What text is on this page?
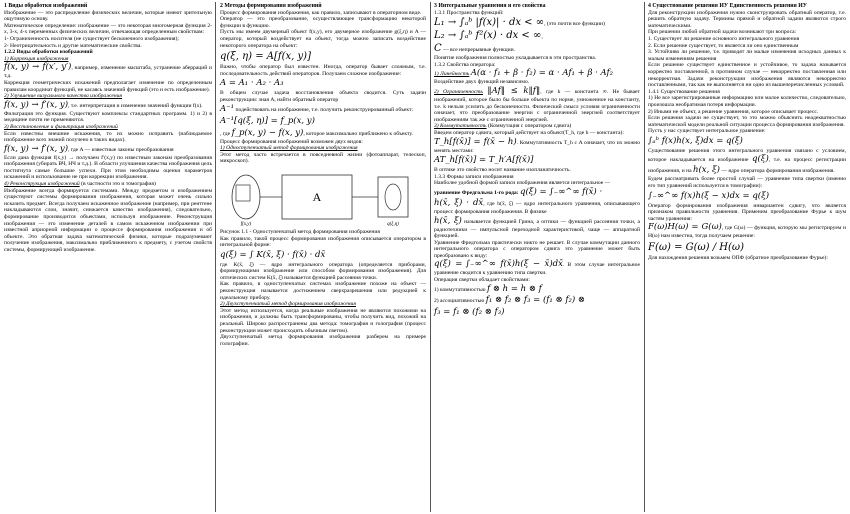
1 Виды обработки изображений

Изображение — это распределение физических величин, которые имеют зрительную ощутимую основу.

Математическое определение: изображение — это некоторая многомерная функция 2-х, 3-х, 4-х переменных физических величин, отвечающая определенным свойствам:

1- Ограниченность носителя (не существует бесконечного изображения);

2- Неотрицательность и другие математические свойства.

1.2.2 Виды обработки изображений
1) Коррекция изображения

f(x, y) → f(x′, y′), например, изменение масштаба, устранение аберраций и т.д.

Коррекция геометрических искажений предполагает изменение по определенным правилам координат функций, не касаясь значений функций (это и есть изображение).

2) Улучшение визуального качества изображения

f(x, y) → f′(x, y), т.е. интерпретация и изменение значений функции f(x).

Фильтрация это функция. Существуют комплексы стандартных программ. 1) и 2) в медицине почти не применяются.

3) Восстановление и фильтрация изображений

Если известны внешние искажения, то их можно исправить (наблюдаемое изображение всех знаний получено в таких видах).

f(x, y) → f′(x, y), где A — известные законы преобразования

Если дана функция f(x,y) → получаем f′(x,y) по известным законам преобразования изображения (убирать ВЧ, НЧ и т.д.). В области улучшения качества изображения цель постигнута самые большие успехи. При этом необходимы оценки параметров искажений и использование не при коррекции изображения.

4) Реконструкция изображений (в частности это и томография)

Изображение всегда формируется системами. Между предметом и изображением существуют системы формирования изображения, которая может очень сильно исказить предмет. Всегда получаем искаженное изображение (например, при рентгене накладываются слои, значит, снижается качество изображения), следовательно, формирование производится объектами, используя изображение. Реконструкция изображения — это изменение деталей в самом искаженном изображении при известной априорной информации о процессе формирования изображения и об объекте. Это обратная задача математической физики, которые подразумевают получение изображения, максимально приближенного к предмету, с учетом свойств системы, формирующей изображение.

2 Методы формирования изображений

Процесс формирования изображения, как правило, записывают в операторном виде.

Оператор — это преобразование, осуществляющее трансформацию некоторой функции в функцию.

Пусть мы имеем двумерный объект f(x,y), его двумерное изображение g(ξ,η) и A — оператор, который воздействует на объект, тогда можно записать воздействие некоторого оператора на объект:

q(ξ, η) = A[f(x, y)]

Важно, чтобы оператор был известен. Иногда, оператор бывает сложным, т.е. последовательность действий операторов. Получаем сложное изображение:

A = A₁ · A₂ · A₃

В общем случае задача восстановления объекта сводится. Суть задачи реконструкции: зная A, найти обратный оператор

A⁻¹ подействовать на изображение, т.е. получить реконструированный объект:

A⁻¹[q(ξ, η)] = f_p(x, y)

, где f_p(x, y) − f(x, y), которое максимально приближено к объекту.

Процесс формирования изображений возможен двух видов:

1) Одноступенчатый метод формирования изображения

Этот метод часто встречается в повседневной жизни (фотоаппарат, телескоп, микроскоп).

A
f(x,y)	q(ξ,η)

Рисунок 1.1 - Одноступенчатый метод формирования изображения

Как правило, такой процесс формирования изображения описывается оператором в интегральной форме:

q(ξ̄) = ∫ K(x̄, ξ̄) · f(x̄) · dx̄

где K(x̄, ξ̄) — ядро интегрального оператора (определяется приборами, формирующими изображение или способом формирования изображения). Для оптических систем K(x̄, ξ̄) называется функцией рассеяния точки.

Как правило, в одноступенчатых системах изображение похоже на объект — реконструкция называется достижением сверхразрешения или редукцией к идеальному прибору.

2) Двухступенчатый метод формирования изображения

Этот метод используется, когда реальные изображения не являются похожими на изображения, и должны быть трансформированы, чтобы получить вид, похожий на реальный. Широко распространены два метода: томография и голография (процесс реконструкции может происходить обычным светом).

Двухступенчатый метод формирования изображения разберем на примере голографии.

3 Интегральные уравнения и его свойства
1.3.1 Пространства функций:

L₁ → ∫ₐᵇ |f(x)| · dx < ∞, (это почти все функции)

L₂ → ∫ₐᵇ f²(x) · dx < ∞,

C — все непрерывные функции.

Понятие изображения полностью укладывается в эти пространства.

1.3.2 Свойства оператора:

1) Линейность A(α · f₁ + β · f₂) = α · Af₁ + β · Af₂

Воздействие двух функций независимо.

2) Ограниченность ‖Af‖ ≤ k‖f‖, где k — константа ∞. Не бывает изображений, которое было бы больше объекта по норме, умноженное на константу, т.е. k нельзя усилить до бесконечности. Физический смысл условия ограниченности означает, что преобразование энергии с ограниченной энергией соответствует изображениям так же с ограниченной энергией.

3) Коммутативность (Коммутация с оператором сдвига)

Введем оператор сдвига, который действует на объект(T_h, где h — константа):

T_h[f(x̄)] = f(x̄ − h). Коммутативность T_h с A означает, что их можно менять местами:

AT_h[f(x̄)] = T_h′A[f(x̄)]

В оптике это свойство носит название изопланатичность.

1.3.3 Формы записи изображения

Наиболее удобной формой записи изображения является интегральное —

уравнение Фредгольма 1-го рода: q(ξ̄) = ∫₋∞^∞ f(x̄) ·

h(x̄, ξ̄) · dx̄, где h(x̄, ξ̄) — ядро интегрального уравнения, описывающего процесс формирования изображения. В физике

h(x̄, ξ̄) называется функцией Грина, а оптики — функцией рассеяния точки, а радиотехники — импульсной переходной характеристикой, чаще — аппаратной функцией.

Уравнение Фредгольма практически никто не решает. В случае коммутации данного интегрального оператора с оператором сдвига это уравнение может быть преобразовано к виду:

q(ξ̄) = ∫₋∞^∞ f(x̄)h(ξ̄ − x̄)dx̄. В этом случае интегральное уравнение сводится к уравнению типа свертки.

Операция свертки обладает свойствами:

1) коммутативностью f ⊗ h = h ⊗ f

2) ассоциативностью f₁ ⊗ f₂ ⊗ f₃ = (f₁ ⊗ f₂) ⊗

f₃ = f₁ ⊗ (f₂ ⊗ f₃)
4 Существование решения ИУ Единственность решения ИУ

Для реконструкции изображения нужно сконструировать обратный оператор, т.е. решить обратную задачу. Термины прямой и обратной задачи являются строго математическими.

При решении любой обратной задачи возникают три вопроса:

1. Существует ли решение основного интегрального уравнения

2. Если решение существует, то является ли оно единственным

3. Устойчиво ли решение, т.е. приводят ли малые изменения исходных данных к малым изменениям решения

Если решение существует единственное и устойчивое, то задача называется корректно поставленной, в противном случае — некорректно поставленная или некорректная. Задачи реконструкции изображения являются некорректно поставленными, так как не выполняется ни одно из вышеперечисленных условий.

1.4.1 Существование решения

1) Не все зарегистрированные информацию или малое количество, следовательно, произошла необратимая потеря информации.

2) Иными не объект, а решение уравнения, которое описывает процесс.

Если решения задачи не существует, то это можно объяснить неадекватностью математической модели реальной ситуации процесса формирования изображения.

Пусть у нас существует интегральное уравнение:

∫ₐᵇ f(x)h(x, ξ)dx = q(ξ)

Существование решения этого интегрального уравнения связано с условием, которое накладывается на изображение q(ξ), т.е. на процесс регистрации изображения, и на h(x, ξ) — ядро оператора формирования изображения.

Будем рассматривать более простой случай — уравнение типа свертки (именно его тип уравнений используется в томографии):

∫₋∞^∞ f(x)h(ξ − x)dx = q(ξ)

Оператор формирования изображения инвариантен сдвигу, что является признаком правильности уравнения. Применим преобразование Фурье к шум частям уравнения:

F(ω)H(ω) = G(ω), где G(ω) — функция, которую мы регистрируем и H(ω) нам известна, тогда получаем решение:

F(ω) = G(ω) / H(ω)

Для нахождения решения возьмем ОПФ (обратное преобразование Фурье):
